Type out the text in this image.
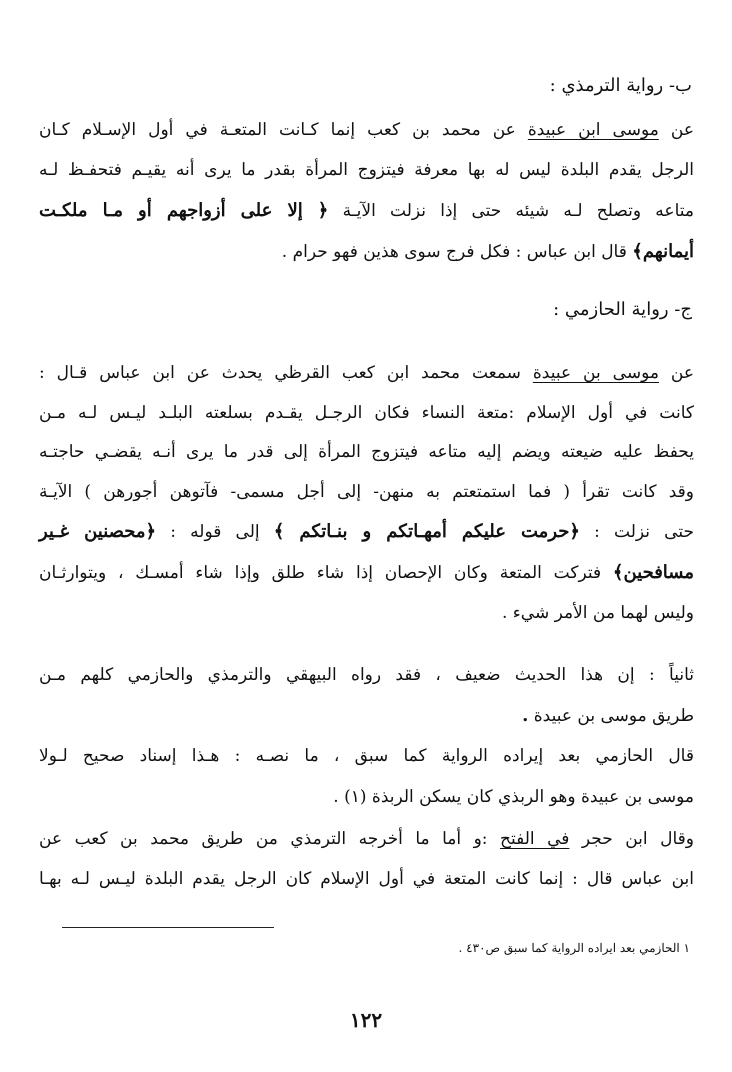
ب- رواية الترمذي :
عن موسى ابن عبيدة عن محمد بن كعب إنما كـانت المتعـة في أول الإسـلام كـان
الرجل يقدم البلدة ليس له بها معرفة فيتزوج المرأة بقدر ما يرى أنه يقيـم فتحفـظ لـه
متاعه وتصلح لـه شيئه حتى إذا نزلت الآيـة ﴿ إلا على أزواجهم أو مـا ملكـت
أيمانهم﴾ قال ابن عباس : فكل فرج سوى هذين فهو حرام .
ج- رواية الحازمي :
عن موسى بن عبيدة سمعت محمد ابن كعب القرظي يحدث عن ابن عباس قـال :
كانت في أول الإسلام :متعة النساء فكان الرجـل يقـدم بسلعته البلـد ليـس لـه مـن
يحفظ عليه ضيعته ويضم إليه متاعه فيتزوج المرأة إلى قدر ما يرى أنـه يقضـي حاجتـه
وقد كانت تقرأ ( فما استمتعتم به منهن- إلى أجل مسمى- فآتوهن أجورهن ) الآيـة
حتى نزلت : ﴿حرمت عليكم أمهـاتكم و بنـاتكم ﴾ إلى قوله : ﴿محصنين غـير
مسافحين﴾ فتركت المتعة وكان الإحصان إذا شاء طلق وإذا شاء أمسـك ، ويتوارثـان
وليس لهما من الأمر شيء .
ثانياً : إن هذا الحديث ضعيف ، فقد رواه البيهقي والترمذي والحازمي كلهم مـن
طريق موسى بن عبيدة .
قال الحازمي بعد إيراده الرواية كما سبق ، ما نصـه : هـذا إسناد صحيح لـولا
موسى بن عبيدة وهو الربذي كان يسكن الربذة (١) .
وقال ابن حجر في الفتح :و أما ما أخرجه الترمذي من طريق محمد بن كعب عن
ابن عباس قال : إنما كانت المتعة في أول الإسلام كان الرجل يقدم البلدة ليـس لـه بهـا
١ الحازمي بعد ايراده الرواية كما سبق ص٤٣٠ .
١٢٢
